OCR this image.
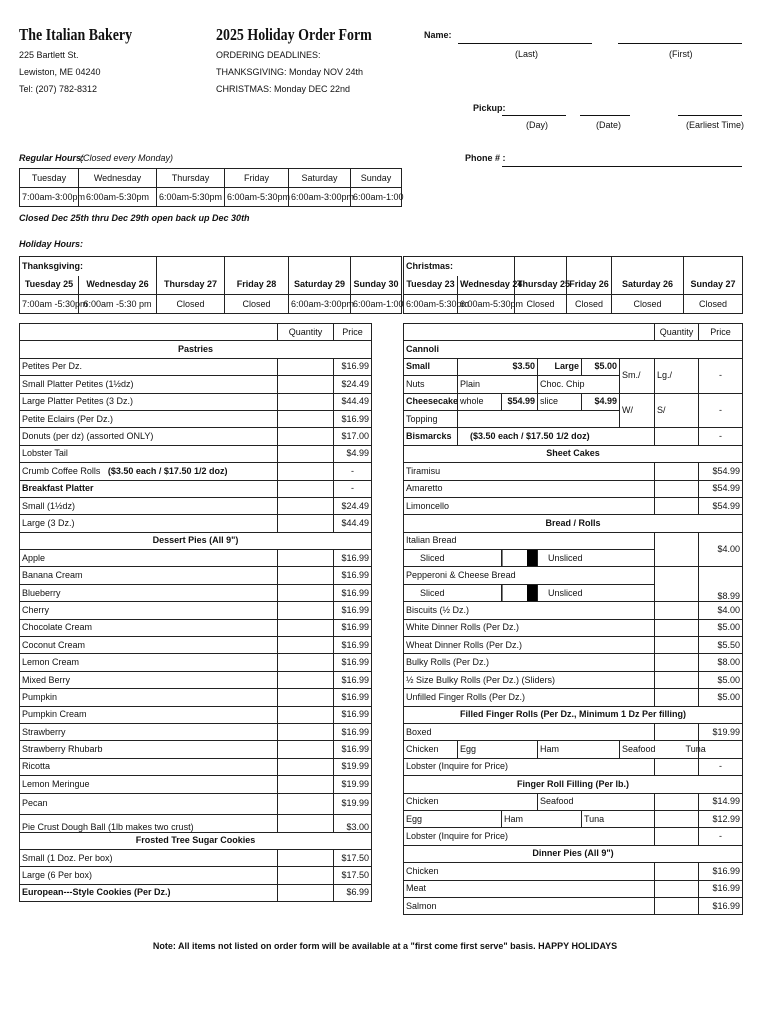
The Italian Bakery
225 Bartlett St.
Lewiston, ME 04240
Tel: (207) 782-8312
2025 Holiday Order Form
ORDERING DEADLINES:
THANKSGIVING: Monday NOV 24th
CHRISTMAS: Monday DEC 22nd
Name:
(Last)	(First)
Pickup:
(Day)	(Date)	(Earliest Time)
Phone # :
Regular Hours:
(Closed every Monday)
Tuesday	Wednesday	Thursday	Friday	Saturday	Sunday
7:00am-3:00pm	6:00am-5:30pm	6:00am-5:30pm	6:00am-5:30pm	6:00am-3:00pm	6:00am-1:00
Closed Dec 25th thru Dec 29th open back up Dec 30th
Holiday Hours:
Thanksgiving:					
Tuesday 25	Wednesday 26	Thursday 27	Friday 28	Saturday 29	Sunday 30
7:00am -5:30pm	6:00am -5:30 pm	Closed	Closed	6:00am-3:00pm	6:00am-1:00
Christmas:					
Tuesday 23	Wednesday 24	Thursday 25	Friday 26	Saturday 26	Sunday 27
6:00am-5:30pm	6:00am-5:30pm	Closed	Closed	Closed	Closed
	Quantity	Price
Pastries		
Petites Per Dz.		$16.99
Small Platter Petites (1½dz)		$24.49
Large Platter Petites (3 Dz.)		$44.49
Petite Eclairs (Per Dz.)		$16.99
Donuts (per dz) (assorted ONLY)		$17.00
Lobster Tail		$4.99
Crumb Coffee Rolls ($3.50 each / $17.50 1/2 doz)		-
Breakfast Platter		-
Small (1½dz)		$24.49
Large (3 Dz.)		$44.49
Dessert Pies (All 9")		
Apple		$16.99
Banana Cream		$16.99
Blueberry		$16.99
Cherry		$16.99
Chocolate Cream		$16.99
Coconut Cream		$16.99
Lemon Cream		$16.99
Mixed Berry		$16.99
Pumpkin		$16.99
Pumpkin Cream		$16.99
Strawberry		$16.99
Strawberry Rhubarb		$16.99
Ricotta		$19.99
Lemon Meringue		$19.99
Pecan		$19.99
Pie Crust Dough Ball (1lb makes two crust)		$3.00
Frosted Tree Sugar Cookies		
Small (1 Doz. Per box)		$17.50
Large (6 Per box)		$17.50
European---Style Cookies (Per Dz.)		$6.99
						Quantity	Price
Cannoli							
Small	$3.50		Large	$5.00	Sm./	Lg./	-
Nuts	Plain		Choc. Chip				
Cheesecake	whole	$54.99	slice	$4.99	W/	S/	-
Topping							
Bismarcks	($3.50 each / $17.50 1/2 doz)						-
Sheet Cakes							
Tiramisu							$54.99
Amaretto							$54.99
Limoncello							$54.99
Bread / Rolls							
Italian Bread							$4.00
Sliced			Unsliced				
Pepperoni & Cheese Bread							$8.99
Sliced			Unsliced				
Biscuits (½ Dz.)							$4.00
White Dinner Rolls (Per Dz.)							$5.00
Wheat Dinner Rolls (Per Dz.)							$5.50
Bulky Rolls (Per Dz.)							$8.00
½ Size Bulky Rolls (Per Dz.) (Sliders)							$5.00
Unfilled Finger Rolls (Per Dz.)							$5.00
Filled Finger Rolls (Per Dz., Minimum 1 Dz Per filling)							
Boxed							$19.99
Chicken	Egg		Ham		Seafood Tuna		
Lobster (Inquire for Price)							-
Finger Roll Filling (Per lb.)							
Chicken			Seafood				$14.99
Egg		Ham		Tuna			$12.99
Lobster (Inquire for Price)							-
Dinner Pies (All 9")							
Chicken							$16.99
Meat							$16.99
Salmon							$16.99
Note: All items not listed on order form will be available at a "first come first serve" basis. HAPPY HOLIDAYS
